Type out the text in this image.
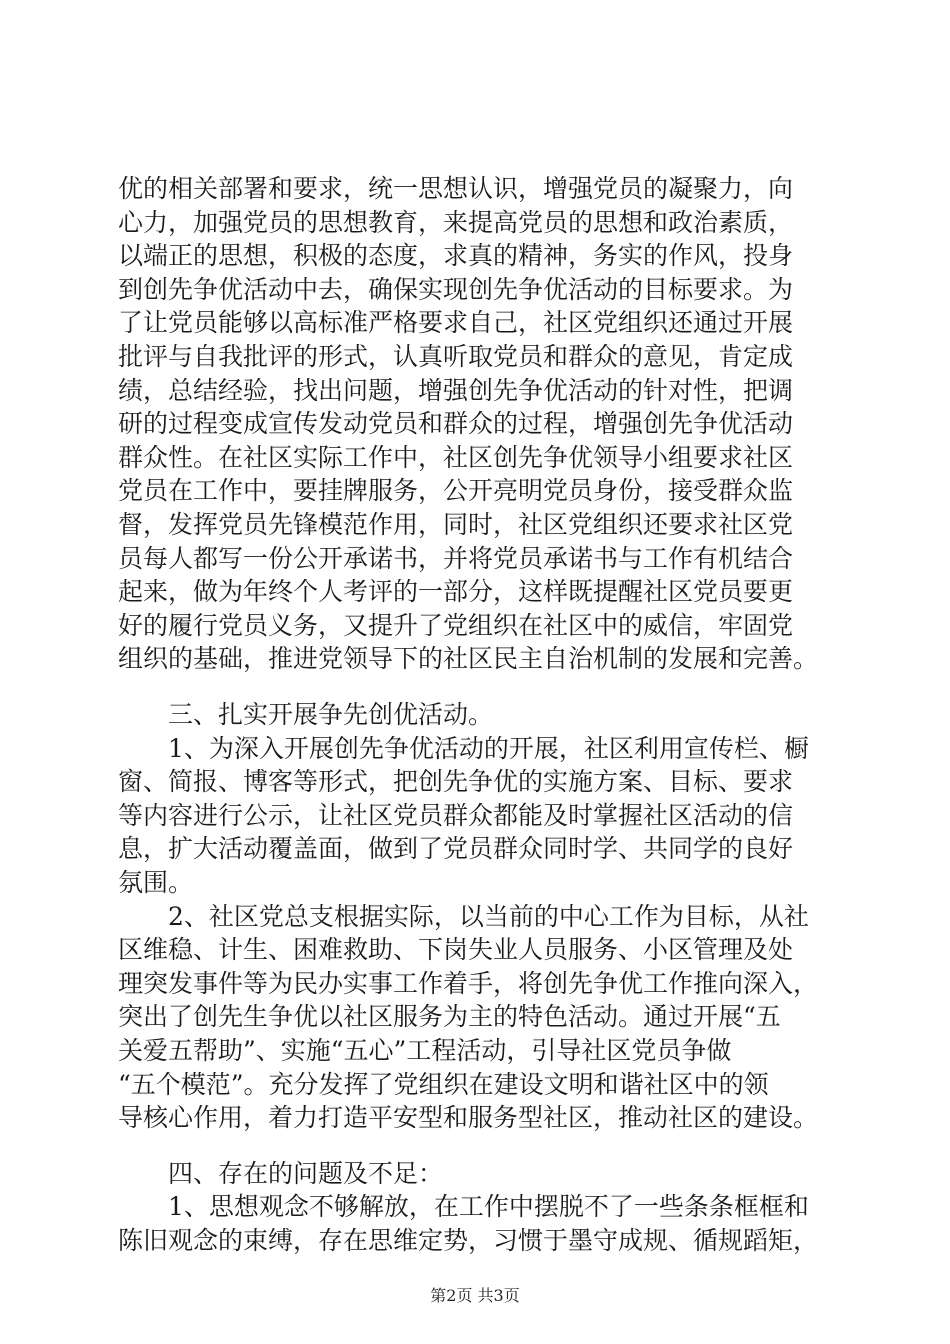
优的相关部署和要求，统一思想认识，增强党员的凝聚力，向
心力，加强党员的思想教育，来提高党员的思想和政治素质，
以端正的思想，积极的态度，求真的精神，务实的作风，投身
到创先争优活动中去，确保实现创先争优活动的目标要求。为
了让党员能够以高标准严格要求自己，社区党组织还通过开展
批评与自我批评的形式，认真听取党员和群众的意见，肯定成
绩，总结经验，找出问题，增强创先争优活动的针对性，把调
研的过程变成宣传发动党员和群众的过程，增强创先争优活动
群众性。在社区实际工作中，社区创先争优领导小组要求社区
党员在工作中，要挂牌服务，公开亮明党员身份，接受群众监
督，发挥党员先锋模范作用，同时，社区党组织还要求社区党
员每人都写一份公开承诺书，并将党员承诺书与工作有机结合
起来，做为年终个人考评的一部分，这样既提醒社区党员要更
好的履行党员义务，又提升了党组织在社区中的威信，牢固党
组织的基础，推进党领导下的社区民主自治机制的发展和完善。
三、扎实开展争先创优活动。
1、为深入开展创先争优活动的开展，社区利用宣传栏、橱
窗、简报、博客等形式，把创先争优的实施方案、目标、要求
等内容进行公示，让社区党员群众都能及时掌握社区活动的信
息，扩大活动覆盖面，做到了党员群众同时学、共同学的良好
氛围。
2、社区党总支根据实际，以当前的中心工作为目标，从社
区维稳、计生、困难救助、下岗失业人员服务、小区管理及处
理突发事件等为民办实事工作着手，将创先争优工作推向深入，
突出了创先生争优以社区服务为主的特色活动。通过开展“五
关爱五帮助”、实施“五心”工程活动，引导社区党员争做
“五个模范”。充分发挥了党组织在建设文明和谐社区中的领
导核心作用，着力打造平安型和服务型社区，推动社区的建设。
四、存在的问题及不足：
第2页 共3页
1、思想观念不够解放，在工作中摆脱不了一些条条框框和
陈旧观念的束缚，存在思维定势，习惯于墨守成规、循规蹈矩，
